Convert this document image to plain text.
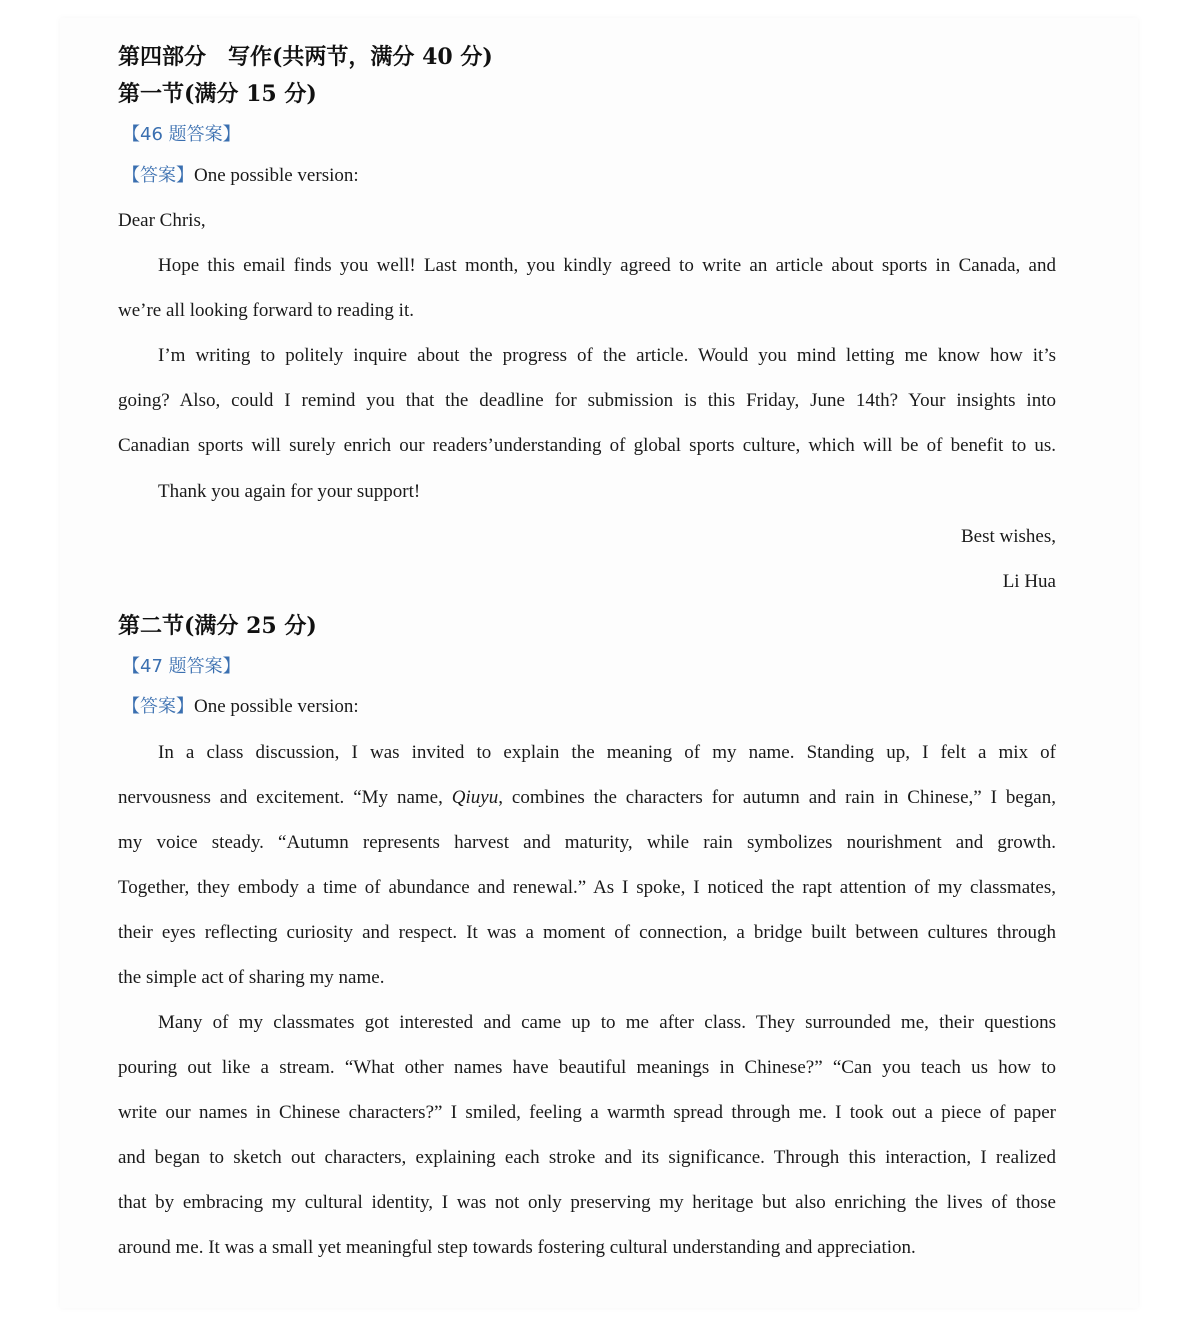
第四部分　写作(共两节，满分 40 分)
第一节(满分 15 分)
【46 题答案】
【答案】One possible version:
Dear Chris,
Hope this email finds you well! Last month, you kindly agreed to write an article about sports in Canada, and
we’re all looking forward to reading it.
I’m writing to politely inquire about the progress of the article. Would you mind letting me know how it’s
going? Also, could I remind you that the deadline for submission is this Friday, June 14th? Your insights into
Canadian sports will surely enrich our readers’understanding of global sports culture, which will be of benefit to us.
Thank you again for your support!
Best wishes,
Li Hua
第二节(满分 25 分)
【47 题答案】
【答案】One possible version:
In a class discussion, I was invited to explain the meaning of my name. Standing up, I felt a mix of
nervousness and excitement. “My name, Qiuyu, combines the characters for autumn and rain in Chinese,” I began,
my voice steady. “Autumn represents harvest and maturity, while rain symbolizes nourishment and growth.
Together, they embody a time of abundance and renewal.” As I spoke, I noticed the rapt attention of my classmates,
their eyes reflecting curiosity and respect. It was a moment of connection, a bridge built between cultures through
the simple act of sharing my name.
Many of my classmates got interested and came up to me after class. They surrounded me, their questions
pouring out like a stream. “What other names have beautiful meanings in Chinese?” “Can you teach us how to
write our names in Chinese characters?” I smiled, feeling a warmth spread through me. I took out a piece of paper
and began to sketch out characters, explaining each stroke and its significance. Through this interaction, I realized
that by embracing my cultural identity, I was not only preserving my heritage but also enriching the lives of those
around me. It was a small yet meaningful step towards fostering cultural understanding and appreciation.
